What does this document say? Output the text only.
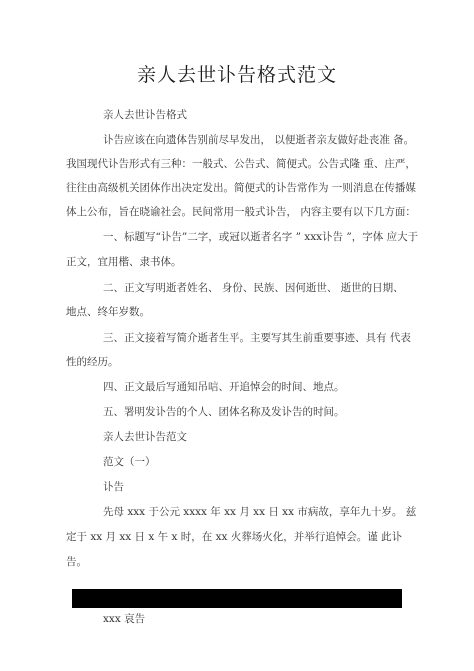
亲人去世讣告格式范文
亲人去世讣告格式
讣告应该在向遗体告别前尽早发出， 以便逝者亲友做好赴丧准 备。
我国现代讣告形式有三种：一般式、公告式、简便式。公告式隆 重、庄严，
往往由高级机关团体作出决定发出。简便式的讣告常作为 一则消息在传播媒
体上公布，旨在晓谕社会。民间常用一般式讣告， 内容主要有以下几方面：
一、标题写“讣告”二字，或冠以逝者名字 ” xxx讣告 ”，字体 应大于
正文，宜用楷、隶书体。
二、正文写明逝者姓名、 身份、民族、因何逝世、 逝世的日期、
地点、终年岁数。
三、正文接着写简介逝者生平。主要写其生前重要事迹、具有 代表
性的经历。
四、正文最后写通知吊唁、开追悼会的时间、地点。
五、署明发讣告的个人、团体名称及发讣告的时间。
亲人去世讣告范文
范文（一）
讣告
先母 xxx 于公元 xxxx 年 xx 月 xx 日 xx 市病故，享年九十岁。 兹
定于 xx 月 xx 日 x 午 x 时，在 xx 火葬场火化，并举行追悼会。谨 此讣
告。
xxx 哀告
